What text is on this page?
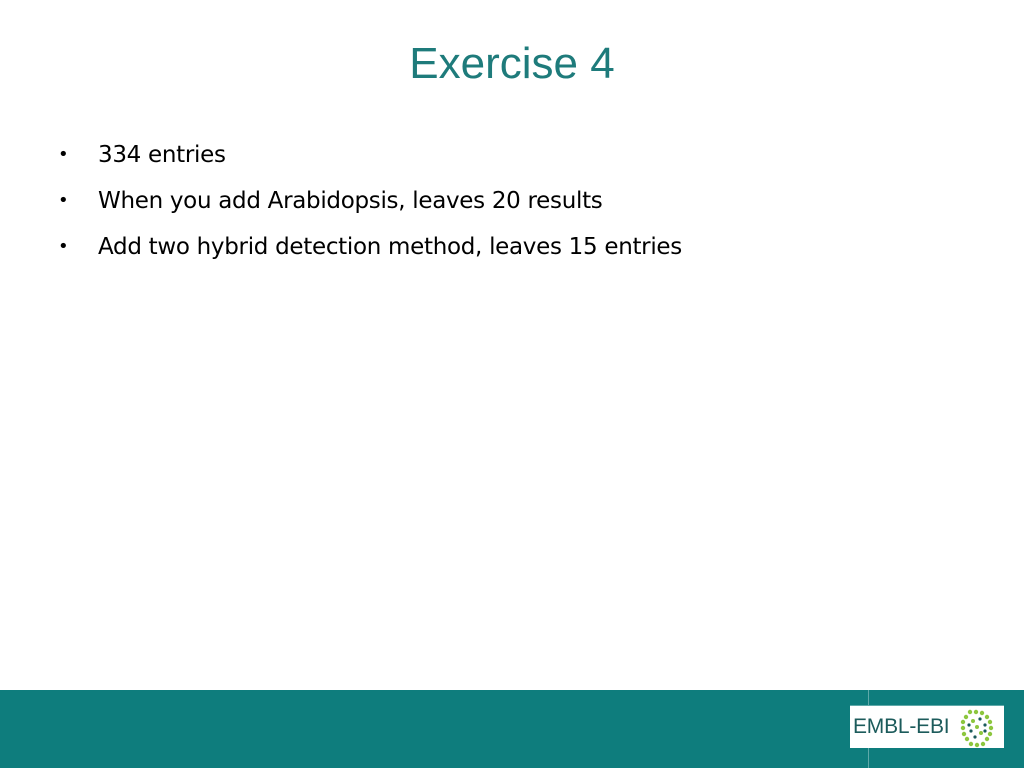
Exercise 4
• 334 entries
• When you add Arabidopsis, leaves 20 results
• Add two hybrid detection method, leaves 15 entries
EMBL-EBI
